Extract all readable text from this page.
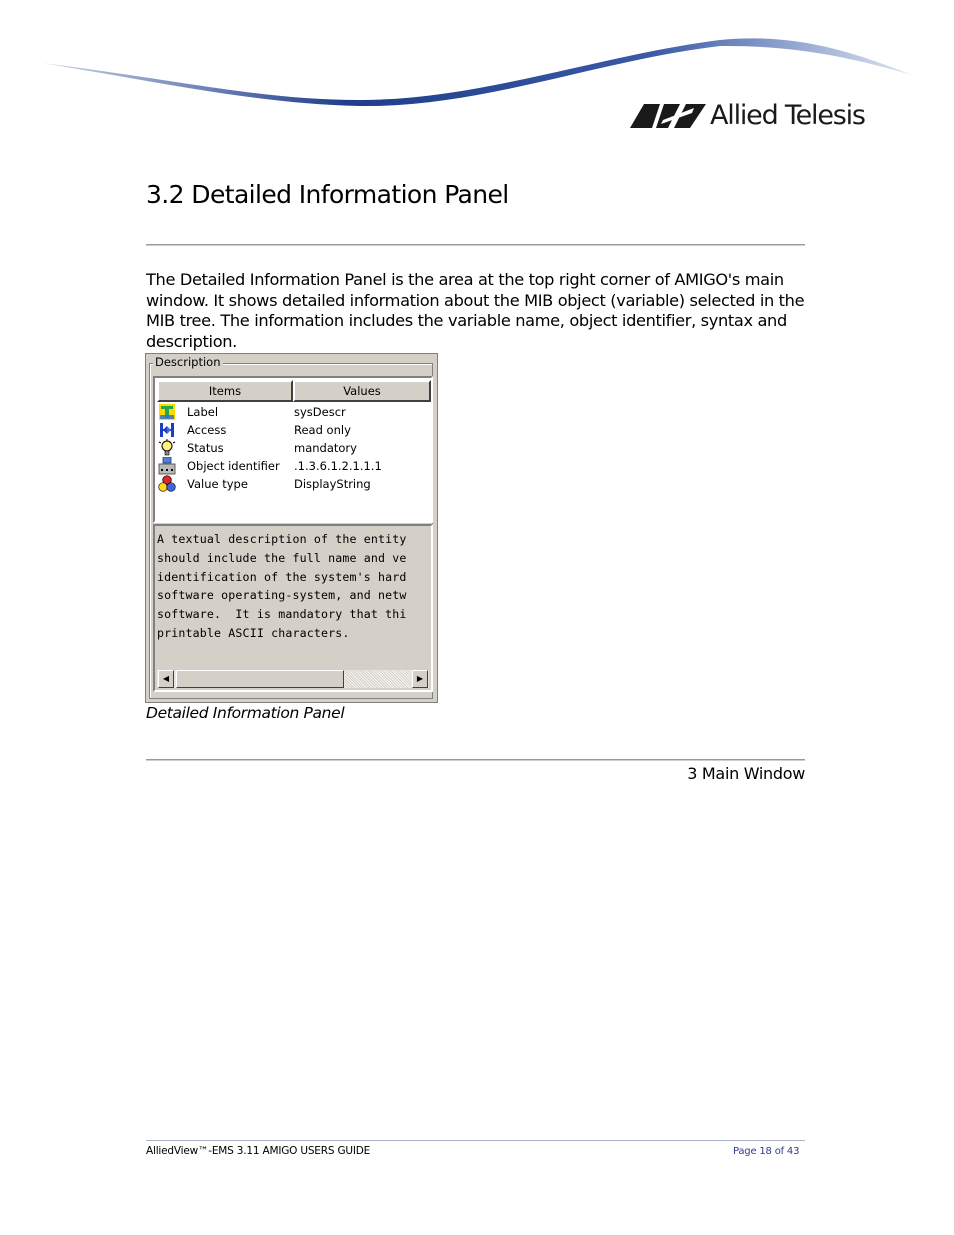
Allied Telesis
3.2 Detailed Information Panel

The Detailed Information Panel is the area at the top right corner of AMIGO's main window. It shows detailed information about the MIB object (variable) selected in the MIB tree. The information includes the variable name, object identifier, syntax and description.

Description
Items	Values
Label	sysDescr
Access	Read only
Status	mandatory
Object identifier .1.3.6.1.2.1.1.1
Value type	DisplayString
A textual description of the entity
should include the full name and ve
identification of the system's hard
software operating-system, and netw
software.  It is mandatory that thi
printable ASCII characters.
◀	▶
Detailed Information Panel
3 Main Window
AlliedView™-EMS 3.11 AMIGO USERS GUIDE	Page 18 of 43
